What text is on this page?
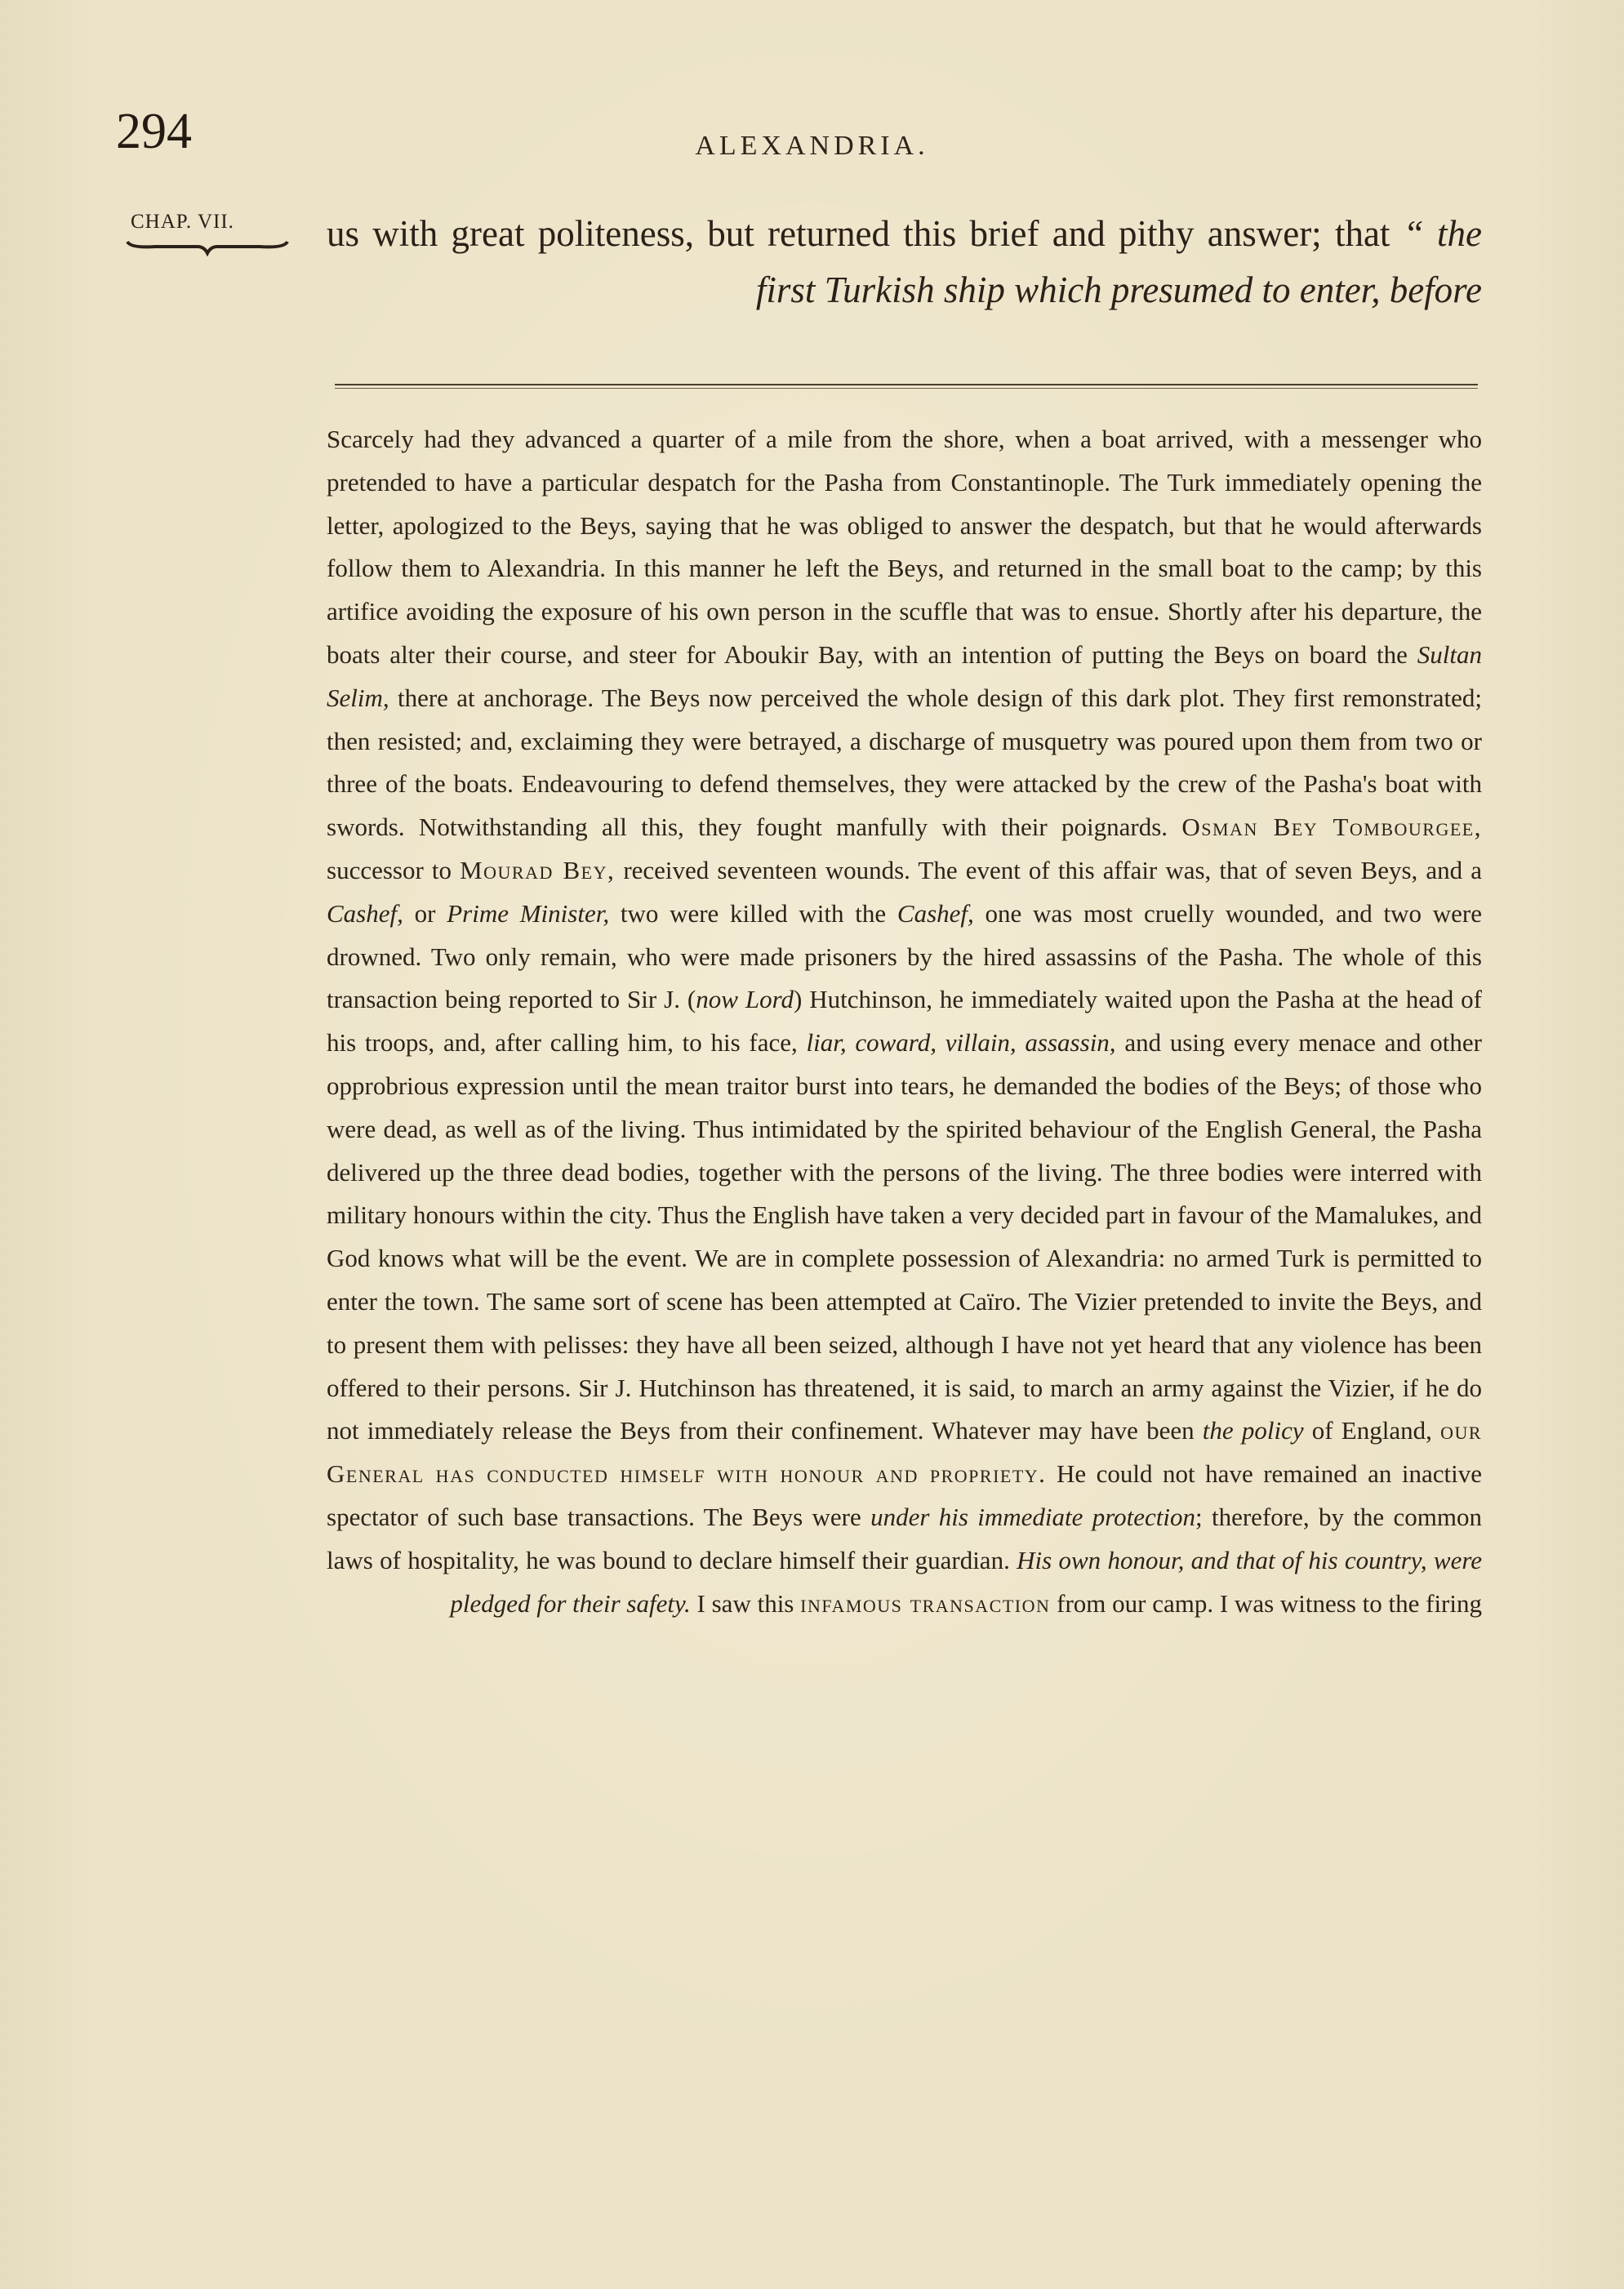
294	ALEXANDRIA.
CHAP. VII.	us with great politeness, but returned this brief and pithy answer; that “ the first Turkish ship which presumed to enter, before
Scarcely had they advanced a quarter of a mile from the shore, when a boat arrived, with a messenger who pretended to have a particular despatch for the Pasha from Constantinople. The Turk immediately opening the letter, apologized to the Beys, saying that he was obliged to answer the despatch, but that he would afterwards follow them to Alexandria. In this manner he left the Beys, and returned in the small boat to the camp; by this artifice avoiding the exposure of his own person in the scuffle that was to ensue. Shortly after his departure, the boats alter their course, and steer for Aboukir Bay, with an intention of putting the Beys on board the Sultan Selim, there at anchorage. The Beys now perceived the whole design of this dark plot. They first remonstrated; then resisted; and, exclaiming they were betrayed, a discharge of musquetry was poured upon them from two or three of the boats. Endeavouring to defend themselves, they were attacked by the crew of the Pasha's boat with swords. Notwithstanding all this, they fought manfully with their poignards. Osman Bey Tombourgee, successor to Mourad Bey, received seventeen wounds. The event of this affair was, that of seven Beys, and a Cashef, or Prime Minister, two were killed with the Cashef, one was most cruelly wounded, and two were drowned. Two only remain, who were made prisoners by the hired assassins of the Pasha. The whole of this transaction being reported to Sir J. (now Lord) Hutchinson, he immediately waited upon the Pasha at the head of his troops, and, after calling him, to his face, liar, coward, villain, assassin, and using every menace and other opprobrious expression until the mean traitor burst into tears, he demanded the bodies of the Beys; of those who were dead, as well as of the living. Thus intimidated by the spirited behaviour of the English General, the Pasha delivered up the three dead bodies, together with the persons of the living. The three bodies were interred with military honours within the city. Thus the English have taken a very decided part in favour of the Mamalukes, and God knows what will be the event. We are in complete possession of Alexandria: no armed Turk is permitted to enter the town. The same sort of scene has been attempted at Caïro. The Vizier pretended to invite the Beys, and to present them with pelisses: they have all been seized, although I have not yet heard that any violence has been offered to their persons. Sir J. Hutchinson has threatened, it is said, to march an army against the Vizier, if he do not immediately release the Beys from their confinement. Whatever may have been the policy of England, our General has conducted himself with honour and propriety. He could not have remained an inactive spectator of such base transactions. The Beys were under his immediate protection; therefore, by the common laws of hospitality, he was bound to declare himself their guardian. His own honour, and that of his country, were pledged for their safety. I saw this infamous transaction from our camp. I was witness to the firing
